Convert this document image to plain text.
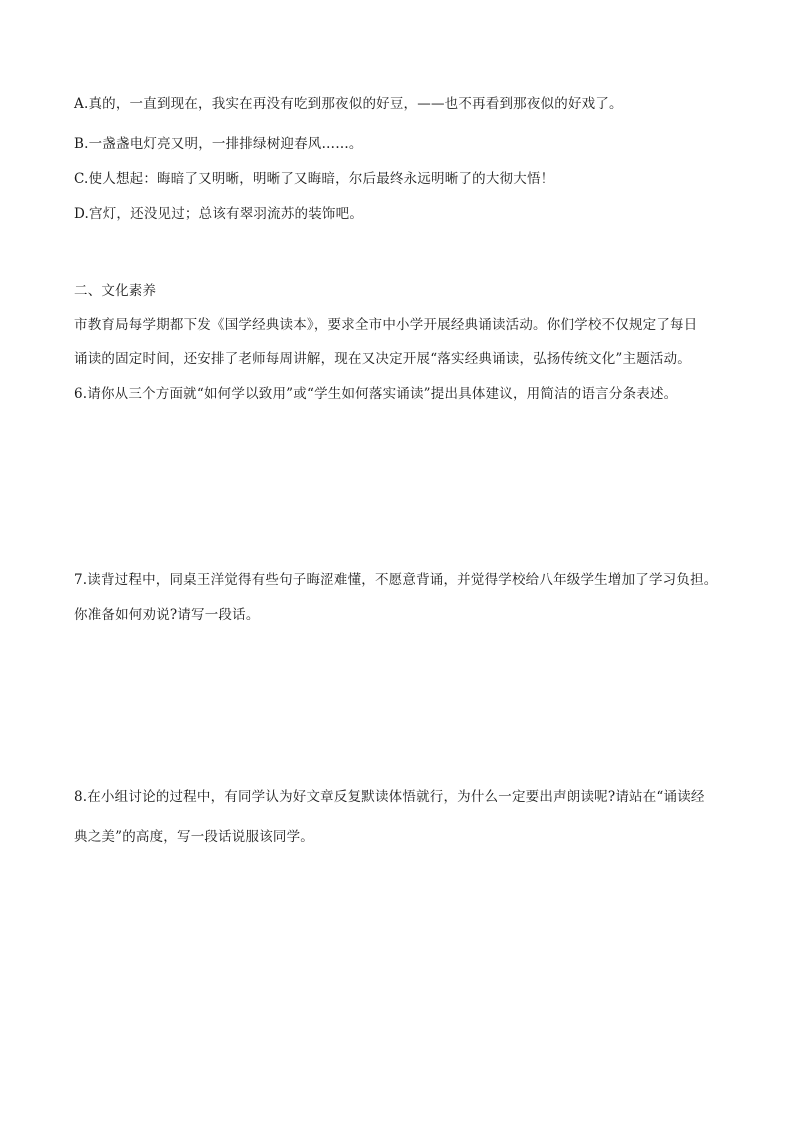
A.真的，一直到现在，我实在再没有吃到那夜似的好豆，——也不再看到那夜似的好戏了。
B.一盏盏电灯亮又明，一排排绿树迎春风……。
C.使人想起：晦暗了又明晰，明晰了又晦暗，尔后最终永远明晰了的大彻大悟！
D.宫灯，还没见过；总该有翠羽流苏的装饰吧。
二、文化素养
市教育局每学期都下发《国学经典读本》，要求全市中小学开展经典诵读活动。你们学校不仅规定了每日
诵读的固定时间，还安排了老师每周讲解，现在又决定开展“落实经典诵读，弘扬传统文化”主题活动。
6.请你从三个方面就“如何学以致用”或“学生如何落实诵读”提出具体建议，用简洁的语言分条表述。
7.读背过程中，同桌王洋觉得有些句子晦涩难懂，不愿意背诵，并觉得学校给八年级学生增加了学习负担。
你准备如何劝说?请写一段话。
8.在小组讨论的过程中，有同学认为好文章反复默读体悟就行，为什么一定要出声朗读呢?请站在“诵读经
典之美”的高度，写一段话说服该同学。
